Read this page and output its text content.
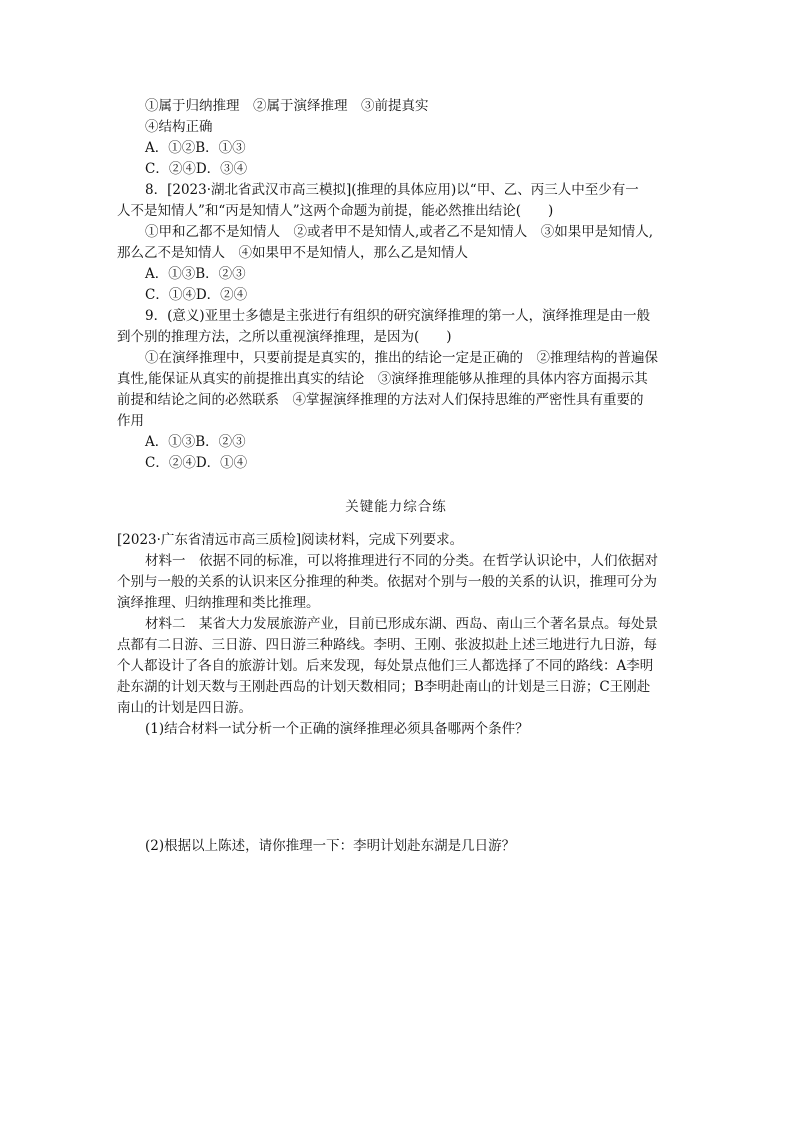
①属于归纳推理　②属于演绎推理　③前提真实
④结构正确
A．①②B．①③
C．②④D．③④
8．[2023·湖北省武汉市高三模拟](推理的具体应用)以“甲、乙、丙三人中至少有一
人不是知情人”和“丙是知情人”这两个命题为前提，能必然推出结论(　　)
①甲和乙都不是知情人　②或者甲不是知情人,或者乙不是知情人　③如果甲是知情人,
那么乙不是知情人　④如果甲不是知情人，那么乙是知情人
A．①③B．②③
C．①④D．②④
9．(意义)亚里士多德是主张进行有组织的研究演绎推理的第一人，演绎推理是由一般
到个别的推理方法，之所以重视演绎推理，是因为(　　)
①在演绎推理中，只要前提是真实的，推出的结论一定是正确的　②推理结构的普遍保
真性,能保证从真实的前提推出真实的结论　③演绎推理能够从推理的具体内容方面揭示其
前提和结论之间的必然联系　④掌握演绎推理的方法对人们保持思维的严密性具有重要的
作用
A．①③B．②③
C．②④D．①④
关键能力综合练
[2023·广东省清远市高三质检]阅读材料，完成下列要求。
材料一　依据不同的标准，可以将推理进行不同的分类。在哲学认识论中，人们依据对
个别与一般的关系的认识来区分推理的种类。依据对个别与一般的关系的认识，推理可分为
演绎推理、归纳推理和类比推理。
材料二　某省大力发展旅游产业，目前已形成东湖、西岛、南山三个著名景点。每处景
点都有二日游、三日游、四日游三种路线。李明、王刚、张波拟赴上述三地进行九日游，每
个人都设计了各自的旅游计划。后来发现，每处景点他们三人都选择了不同的路线：A李明
赴东湖的计划天数与王刚赴西岛的计划天数相同；B李明赴南山的计划是三日游；C王刚赴
南山的计划是四日游。
(1)结合材料一试分析一个正确的演绎推理必须具备哪两个条件？
(2)根据以上陈述，请你推理一下：李明计划赴东湖是几日游？
